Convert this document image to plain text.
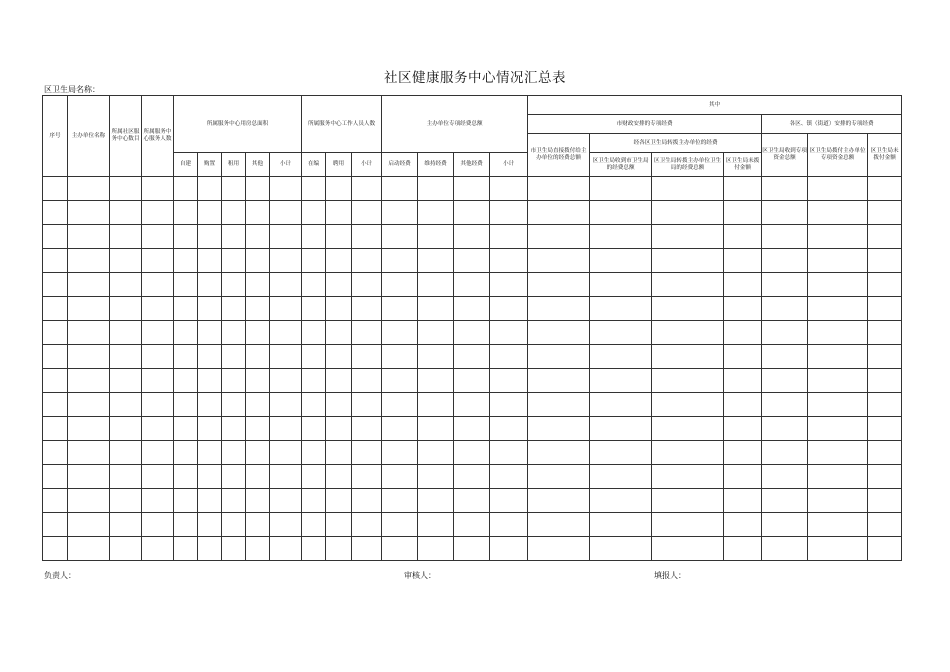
社区健康服务中心情况汇总表
区卫生局名称：
序号	主办单位名称	所属社区服务中心数目	所属服务中心服务人数	所属服务中心用房总面积					所属服务中心工作人员人数			主办单位专项经费总额				其中						
																市财政安排的专项经费				各区、镇（街道）安排的专项经费		
																市卫生局直接拨付给主办单位的经费总额	经各区卫生局转拨主办单位的经费			区卫生局收到专项资金总额	区卫生局拨付主办单位专项资金总额	区卫生局未拨付金额
				自建	购置	租用	其他	小计	在编	聘用	小计	启动经费	维持经费	其他经费	小计		区卫生局收到市卫生局的经费总额	区卫生局转拨主办单位卫生局的经费总额	区卫生局未拨付金额			

负责人：	审核人：	填报人：
